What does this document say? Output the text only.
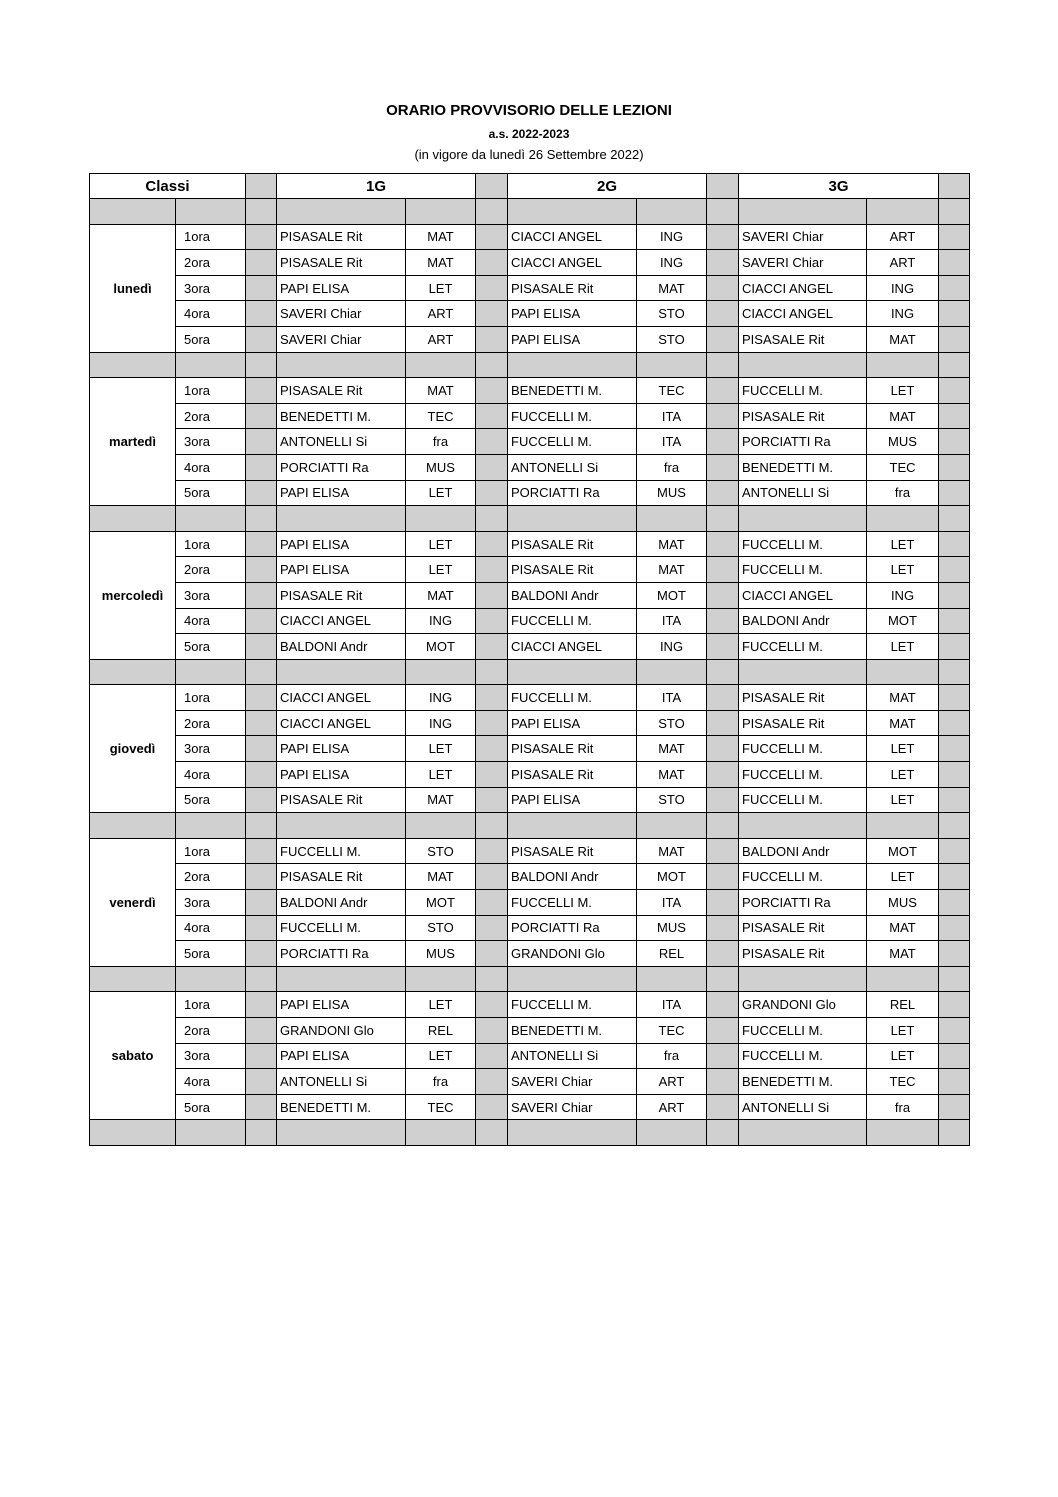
ORARIO PROVVISORIO DELLE LEZIONI
a.s. 2022-2023
(in vigore da lunedì 26 Settembre 2022)
Classi			1G			2G			3G		

lunedì	1ora		PISASALE Rit	MAT		CIACCI ANGEL	ING		SAVERI Chiar	ART	
	2ora		PISASALE Rit	MAT		CIACCI ANGEL	ING		SAVERI Chiar	ART	
	3ora		PAPI ELISA	LET		PISASALE Rit	MAT		CIACCI ANGEL	ING	
	4ora		SAVERI Chiar	ART		PAPI ELISA	STO		CIACCI ANGEL	ING	
	5ora		SAVERI Chiar	ART		PAPI ELISA	STO		PISASALE Rit	MAT	

martedì	1ora		PISASALE Rit	MAT		BENEDETTI M.	TEC		FUCCELLI M.	LET	
	2ora		BENEDETTI M.	TEC		FUCCELLI M.	ITA		PISASALE Rit	MAT	
	3ora		ANTONELLI Si	fra		FUCCELLI M.	ITA		PORCIATTI Ra	MUS	
	4ora		PORCIATTI Ra	MUS		ANTONELLI Si	fra		BENEDETTI M.	TEC	
	5ora		PAPI ELISA	LET		PORCIATTI Ra	MUS		ANTONELLI Si	fra	

mercoledì	1ora		PAPI ELISA	LET		PISASALE Rit	MAT		FUCCELLI M.	LET	
	2ora		PAPI ELISA	LET		PISASALE Rit	MAT		FUCCELLI M.	LET	
	3ora		PISASALE Rit	MAT		BALDONI Andr	MOT		CIACCI ANGEL	ING	
	4ora		CIACCI ANGEL	ING		FUCCELLI M.	ITA		BALDONI Andr	MOT	
	5ora		BALDONI Andr	MOT		CIACCI ANGEL	ING		FUCCELLI M.	LET	

giovedì	1ora		CIACCI ANGEL	ING		FUCCELLI M.	ITA		PISASALE Rit	MAT	
	2ora		CIACCI ANGEL	ING		PAPI ELISA	STO		PISASALE Rit	MAT	
	3ora		PAPI ELISA	LET		PISASALE Rit	MAT		FUCCELLI M.	LET	
	4ora		PAPI ELISA	LET		PISASALE Rit	MAT		FUCCELLI M.	LET	
	5ora		PISASALE Rit	MAT		PAPI ELISA	STO		FUCCELLI M.	LET	

venerdì	1ora		FUCCELLI M.	STO		PISASALE Rit	MAT		BALDONI Andr	MOT	
	2ora		PISASALE Rit	MAT		BALDONI Andr	MOT		FUCCELLI M.	LET	
	3ora		BALDONI Andr	MOT		FUCCELLI M.	ITA		PORCIATTI Ra	MUS	
	4ora		FUCCELLI M.	STO		PORCIATTI Ra	MUS		PISASALE Rit	MAT	
	5ora		PORCIATTI Ra	MUS		GRANDONI Glo	REL		PISASALE Rit	MAT	

sabato	1ora		PAPI ELISA	LET		FUCCELLI M.	ITA		GRANDONI Glo	REL	
	2ora		GRANDONI Glo	REL		BENEDETTI M.	TEC		FUCCELLI M.	LET	
	3ora		PAPI ELISA	LET		ANTONELLI Si	fra		FUCCELLI M.	LET	
	4ora		ANTONELLI Si	fra		SAVERI Chiar	ART		BENEDETTI M.	TEC	
	5ora		BENEDETTI M.	TEC		SAVERI Chiar	ART		ANTONELLI Si	fra	
